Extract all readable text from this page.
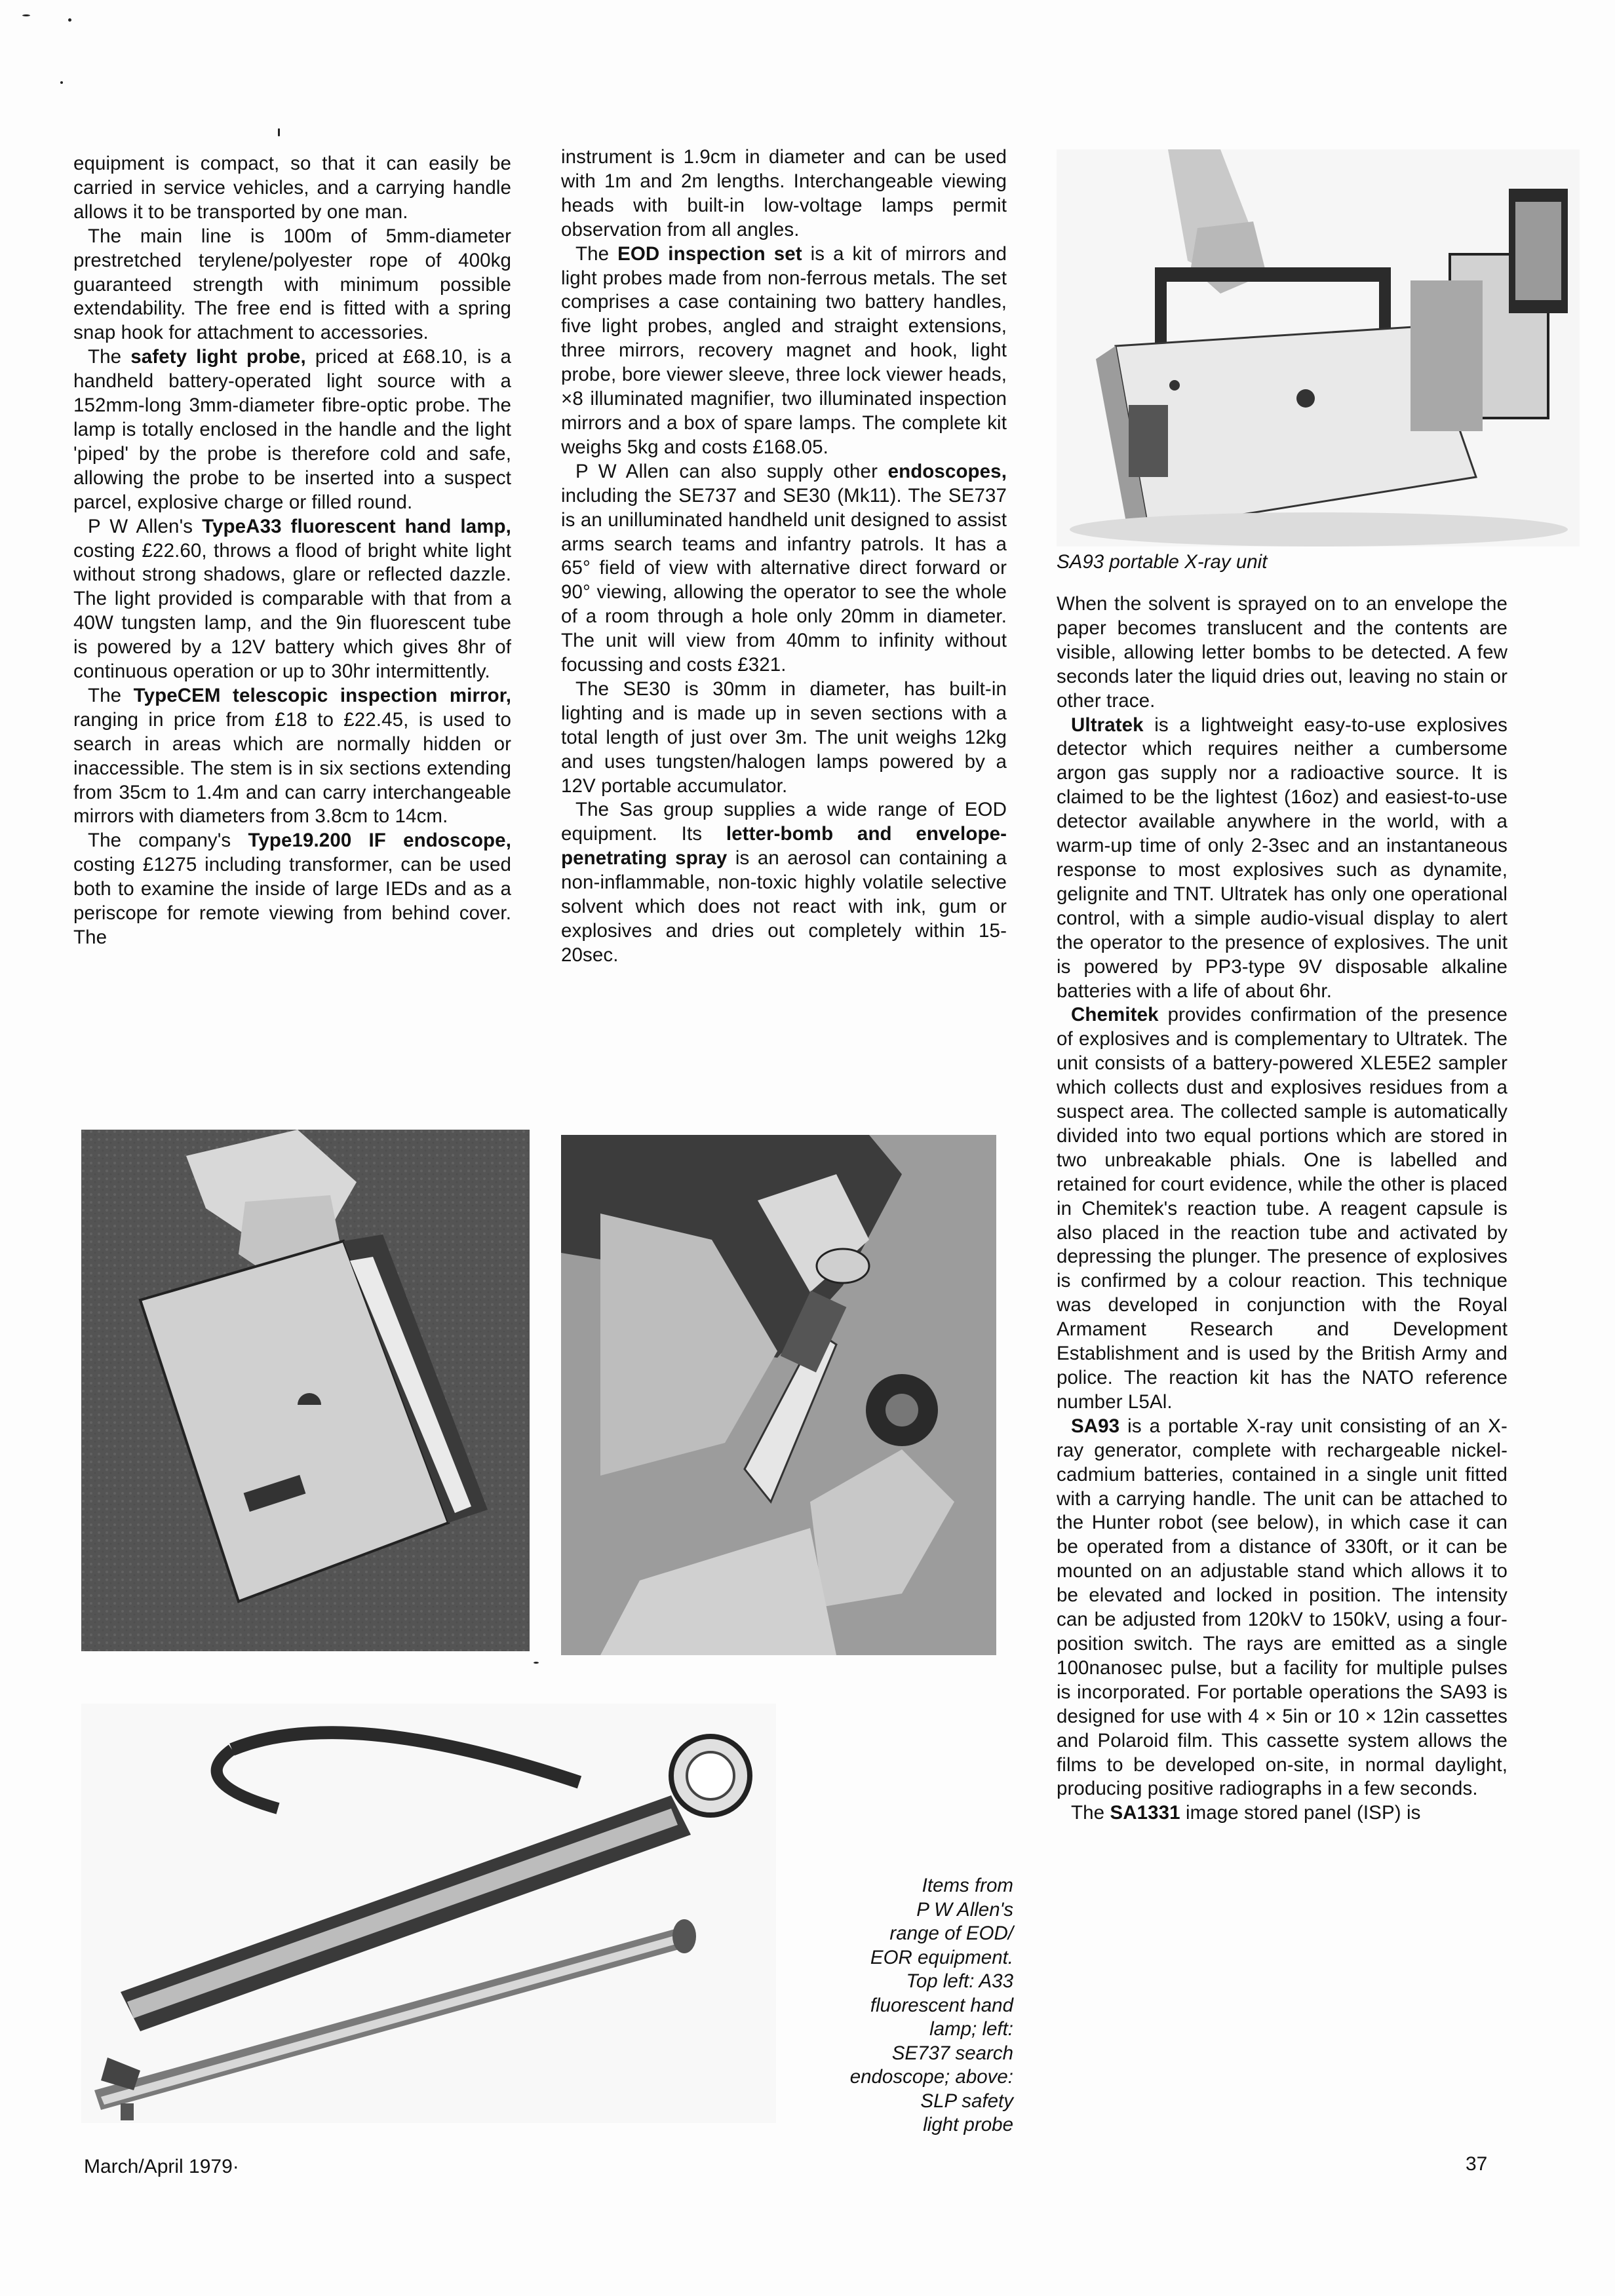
equipment is compact, so that it can easily be carried in service vehicles, and a carrying handle allows it to be transported by one man.

The main line is 100m of 5mm-diameter prestretched terylene/polyester rope of 400kg guaranteed strength with minimum possible extendability. The free end is fitted with a spring snap hook for attachment to accessories.

The safety light probe, priced at £68.10, is a handheld battery-operated light source with a 152mm-long 3mm-diameter fibre-optic probe. The lamp is totally enclosed in the handle and the light 'piped' by the probe is therefore cold and safe, allowing the probe to be inserted into a suspect parcel, explosive charge or filled round.

P W Allen's TypeA33 fluorescent hand lamp, costing £22.60, throws a flood of bright white light without strong shadows, glare or reflected dazzle. The light provided is comparable with that from a 40W tungsten lamp, and the 9in fluorescent tube is powered by a 12V battery which gives 8hr of continuous operation or up to 30hr intermittently.

The TypeCEM telescopic inspection mirror, ranging in price from £18 to £22.45, is used to search in areas which are normally hidden or inaccessible. The stem is in six sections extending from 35cm to 1.4m and can carry interchangeable mirrors with diameters from 3.8cm to 14cm.

The company's Type19.200 IF endoscope, costing £1275 including transformer, can be used both to examine the inside of large IEDs and as a periscope for remote viewing from behind cover. The

instrument is 1.9cm in diameter and can be used with 1m and 2m lengths. Interchangeable viewing heads with built-in low-voltage lamps permit observation from all angles.

The EOD inspection set is a kit of mirrors and light probes made from non-ferrous metals. The set comprises a case containing two battery handles, five light probes, angled and straight extensions, three mirrors, recovery magnet and hook, light probe, bore viewer sleeve, three lock viewer heads, ×8 illuminated magnifier, two illuminated inspection mirrors and a box of spare lamps. The complete kit weighs 5kg and costs £168.05.

P W Allen can also supply other endoscopes, including the SE737 and SE30 (Mk11). The SE737 is an unilluminated handheld unit designed to assist arms search teams and infantry patrols. It has a 65° field of view with alternative direct forward or 90° viewing, allowing the operator to see the whole of a room through a hole only 20mm in diameter. The unit will view from 40mm to infinity without focussing and costs £321.

The SE30 is 30mm in diameter, has built-in lighting and is made up in seven sections with a total length of just over 3m. The unit weighs 12kg and uses tungsten/halogen lamps powered by a 12V portable accumulator.

The Sas group supplies a wide range of EOD equipment. Its letter-bomb and envelope-penetrating spray is an aerosol can containing a non-inflammable, non-toxic highly volatile selective solvent which does not react with ink, gum or explosives and dries out completely within 15-20sec.

When the solvent is sprayed on to an envelope the paper becomes translucent and the contents are visible, allowing letter bombs to be detected. A few seconds later the liquid dries out, leaving no stain or other trace.

Ultratek is a lightweight easy-to-use explosives detector which requires neither a cumbersome argon gas supply nor a radioactive source. It is claimed to be the lightest (16oz) and easiest-to-use detector available anywhere in the world, with a warm-up time of only 2-3sec and an instantaneous response to most explosives such as dynamite, gelignite and TNT. Ultratek has only one operational control, with a simple audio-visual display to alert the operator to the presence of explosives. The unit is powered by PP3-type 9V disposable alkaline batteries with a life of about 6hr.

Chemitek provides confirmation of the presence of explosives and is complementary to Ultratek. The unit consists of a battery-powered XLE5E2 sampler which collects dust and explosives residues from a suspect area. The collected sample is automatically divided into two equal portions which are stored in two unbreakable phials. One is labelled and retained for court evidence, while the other is placed in Chemitek's reaction tube. A reagent capsule is also placed in the reaction tube and activated by depressing the plunger. The presence of explosives is confirmed by a colour reaction. This technique was developed in conjunction with the Royal Armament Research and Development Establishment and is used by the British Army and police. The reaction kit has the NATO reference number L5Al.

SA93 is a portable X-ray unit consisting of an X-ray generator, complete with rechargeable nickel-cadmium batteries, contained in a single unit fitted with a carrying handle. The unit can be attached to the Hunter robot (see below), in which case it can be operated from a distance of 330ft, or it can be mounted on an adjustable stand which allows it to be elevated and locked in position. The intensity can be adjusted from 120kV to 150kV, using a four-position switch. The rays are emitted as a single 100nanosec pulse, but a facility for multiple pulses is incorporated. For portable operations the SA93 is designed for use with 4 × 5in or 10 × 12in cassettes and Polaroid film. This cassette system allows the films to be developed on-site, in normal daylight, producing positive radiographs in a few seconds.

The SA1331 image stored panel (ISP) is

SA93 portable X-ray unit
Items from
P W Allen's
range of EOD/
EOR equipment.
Top left: A33
fluorescent hand
lamp; left:
SE737 search
endoscope; above:
SLP safety
light probe
March/April 1979·	37
